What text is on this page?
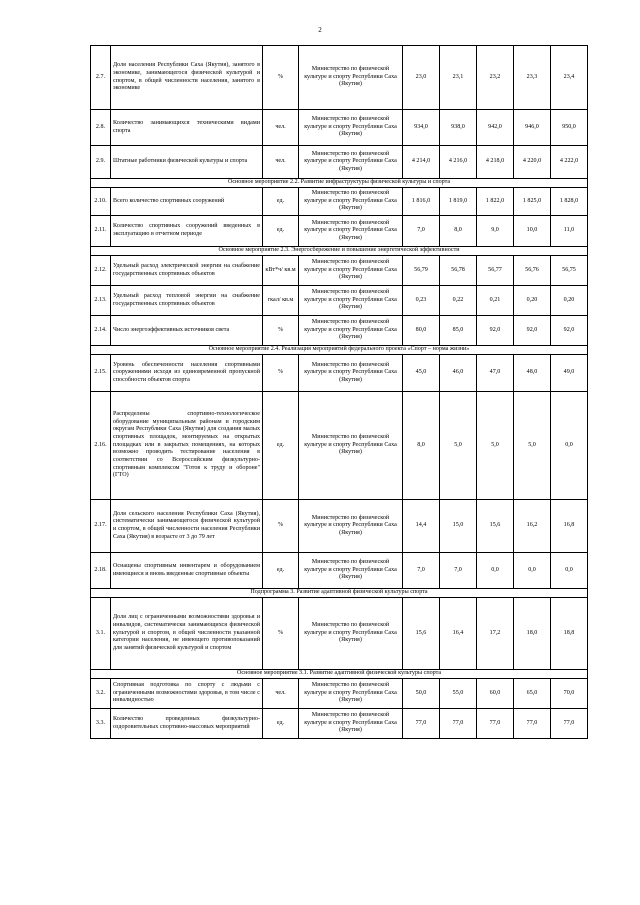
2
2.7.	Доля населения Республики Саха (Якутия), занятого в экономике, занимающегося физической культурой и спортом, в общей численности населения, занятого в экономике	%	Министерство по физической культуре и спорту Республики Саха (Якутия)	23,0	23,1	23,2	23,3	23,4
2.8.	Количество занимающихся техническими видами спорта	чел.	Министерство по физической культуре и спорту Республики Саха (Якутия)	934,0	938,0	942,0	946,0	950,0
2.9.	Штатные работники физической культуры и спорта	чел.	Министерство по физической культуре и спорту Республики Саха (Якутия)	4 214,0	4 216,0	4 218,0	4 220,0	4 222,0
Основное мероприятие 2.2. Развитие инфраструктуры физической культуры и спорта								
2.10.	Всего количество спортивных сооружений	ед.	Министерство по физической культуре и спорту Республики Саха (Якутия)	1 816,0	1 819,0	1 822,0	1 825,0	1 828,0
2.11.	Количество спортивных сооружений введенных в эксплуатацию в отчетном периоде	ед.	Министерство по физической культуре и спорту Республики Саха (Якутия)	7,0	8,0	9,0	10,0	11,0
Основное мероприятие 2.3. Энергосбережение и повышение энергетической эффективности								
2.12.	Удельный расход электрической энергии на снабжение государственных спортивных объектов	кВт*ч/ кв.м	Министерство по физической культуре и спорту Республики Саха (Якутия)	56,79	56,78	56,77	56,76	56,75
2.13.	Удельный расход тепловой энергии на снабжение государственных спортивных объектов	гкал/ кв.м	Министерство по физической культуре и спорту Республики Саха (Якутия)	0,23	0,22	0,21	0,20	0,20
2.14.	Число энергоэффективных источников света	%	Министерство по физической культуре и спорту Республики Саха (Якутия)	80,0	85,0	92,0	92,0	92,0
Основное мероприятие 2.4. Реализация мероприятий федерального проекта «Спорт – норма жизни»								
2.15.	Уровень обеспеченности населения спортивными сооружениями исходя из единовременной пропускной способности объектов спорта	%	Министерство по физической культуре и спорту Республики Саха (Якутия)	45,0	46,0	47,0	48,0	49,0
2.16.	Распределены спортивно-технологическое оборудование муниципальным районам и городским округам Республики Саха (Якутия) для создания малых спортивных площадок, монтируемых на открытых площадках или в закрытых помещениях, на которых возможно проводить тестирование населения в соответствии со Всероссийским физкультурно-спортивным комплексом "Готов к труду и обороне" (ГТО)	ед.	Министерство по физической культуре и спорту Республики Саха (Якутия)	8,0	5,0	5,0	5,0	0,0
2.17.	Доля сельского населения Республики Саха (Якутия), систематически занимающегося физической культурой и спортом, в общей численности населения Республики Саха (Якутия) в возрасте от 3 до 79 лет	%	Министерство по физической культуре и спорту Республики Саха (Якутия)	14,4	15,0	15,6	16,2	16,8
2.18.	Оснащены спортивным инвентарем и оборудованием имеющиеся и вновь введенные спортивные объекты	ед.	Министерство по физической культуре и спорту Республики Саха (Якутия)	7,0	7,0	0,0	0,0	0,0
Подпрограмма 3. Развитие адаптивной физической культуры спорта								
3.1.	Доля лиц с ограниченными возможностями здоровья и инвалидов, систематически занимающихся физической культурой и спортом, в общей численности указанной категории населения, не имеющего противопоказаний для занятий физической культурой и спортом	%	Министерство по физической культуре и спорту Республики Саха (Якутия)	15,6	16,4	17,2	18,0	18,8
Основное мероприятие 3.1. Развитие адаптивной физической культуры спорта								
3.2.	Спортивная подготовка по спорту с людьми с ограниченными возможностями здоровья, в том числе с инвалидностью	чел.	Министерство по физической культуре и спорту Республики Саха (Якутия)	50,0	55,0	60,0	65,0	70,0
3.3.	Количество проведенных физкультурно-оздоровительных спортивно-массовых мероприятий	ед.	Министерство по физической культуре и спорту Республики Саха (Якутия)	77,0	77,0	77,0	77,0	77,0
